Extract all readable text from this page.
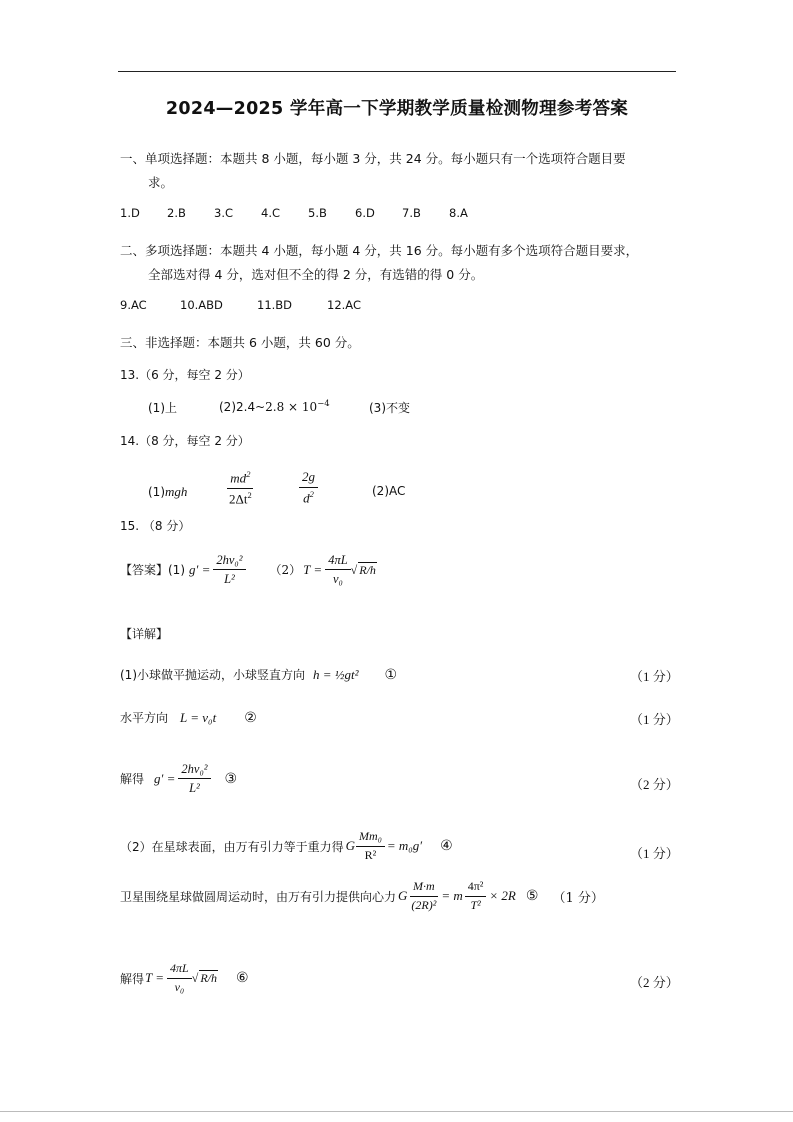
2024—2025 学年高一下学期教学质量检测物理参考答案
一、单项选择题：本题共 8 小题，每小题 3 分，共 24 分。每小题只有一个选项符合题目要
求。
1.D 2.B 3.C 4.C 5.B 6.D 7.B 8.A
二、多项选择题：本题共 4 小题，每小题 4 分，共 16 分。每小题有多个选项符合题目要求，
全部选对得 4 分，选对但不全的得 2 分，有选错的得 0 分。
9.AC	10.ABD	11.BD	12.AC
三、非选择题：本题共 6 小题，共 60 分。
13.（6 分，每空 2 分）
(1)上	(2)2.4~2.8 × $10^{-4}$	(3)不变
14.（8 分，每空 2 分）
(1)mgh	$\frac{md^2}{2\Delta t^2}$	$\frac{2g}{d^2}$	(2)AC
15. （8 分）
【答案】(1) $g' = \frac{\text{2hv₀²}}{\text{L²}} (2) T = \frac{4\pi L}{\text{v₀}}$ √ R/h
【详解】
(1)小球做平抛运动，小球竖直方向 h = ½gt² ①	（1 分）
水平方向 L = v₀t ②	（1 分）
解得 $g' = \frac{\text{2hv₀²}}{\text{L²}}$ ③	（2 分）
（2）在星球表面，由万有引力等于重力得 G $\frac{\text{Mm₀}}{\text{R²}} = m_0g'$ ④	（1 分）
卫星围绕星球做圆周运动时，由万有引力提供向心力 G $\frac{M\cdot m}{\text{(2R)²}} = m \frac{\text{4π²}}{\text{T²}} \times 2R$ ⑤ （1 分）
解得 $T = \frac{4\pi L}{\text{v₀}}$ √ R/h ⑥	（2 分）
